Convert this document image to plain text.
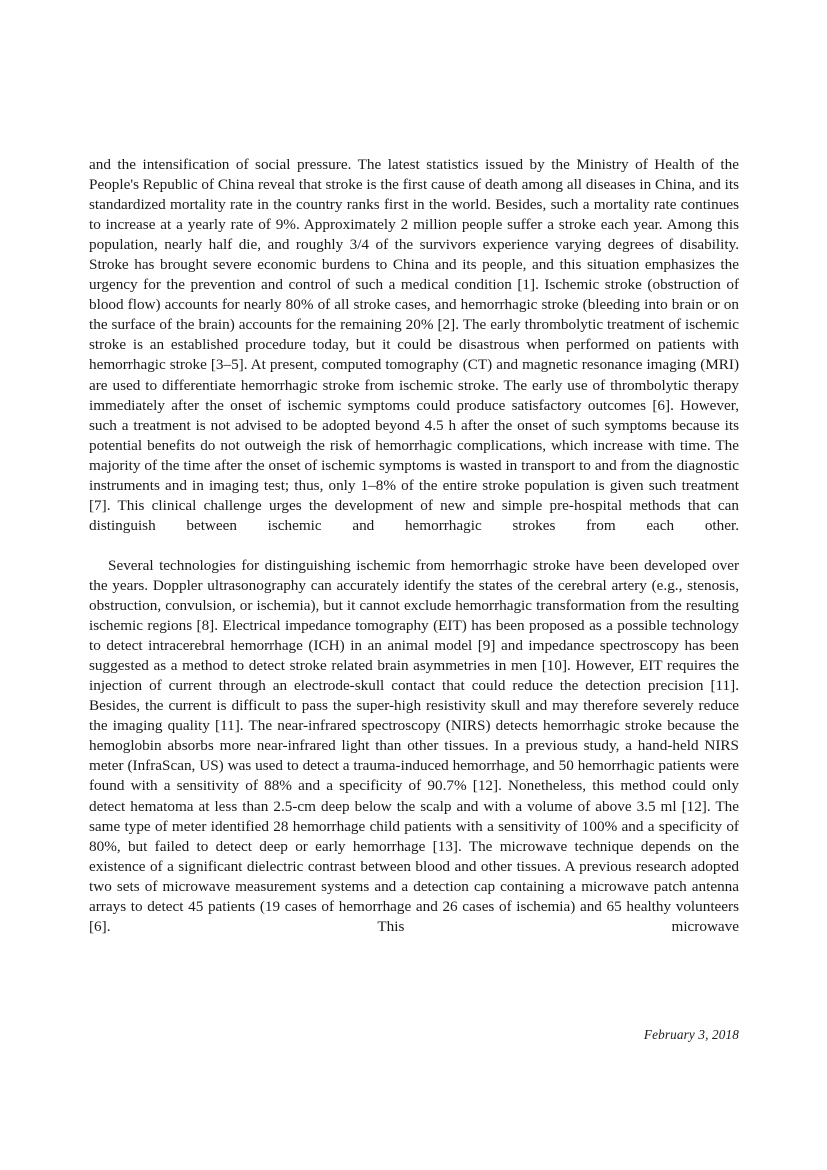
and the intensification of social pressure. The latest statistics issued by the Ministry of Health of the People's Republic of China reveal that stroke is the first cause of death among all diseases in China, and its standardized mortality rate in the country ranks first in the world. Besides, such a mortality rate continues to increase at a yearly rate of 9%. Approximately 2 million people suffer a stroke each year. Among this population, nearly half die, and roughly 3/4 of the survivors experience varying degrees of disability. Stroke has brought severe economic burdens to China and its people, and this situation emphasizes the urgency for the prevention and control of such a medical condition [1]. Ischemic stroke (obstruction of blood flow) accounts for nearly 80% of all stroke cases, and hemorrhagic stroke (bleeding into brain or on the surface of the brain) accounts for the remaining 20% [2]. The early thrombolytic treatment of ischemic stroke is an established procedure today, but it could be disastrous when performed on patients with hemorrhagic stroke [3–5]. At present, computed tomography (CT) and magnetic resonance imaging (MRI) are used to differentiate hemorrhagic stroke from ischemic stroke. The early use of thrombolytic therapy immediately after the onset of ischemic symptoms could produce satisfactory outcomes [6]. However, such a treatment is not advised to be adopted beyond 4.5 h after the onset of such symptoms because its potential benefits do not outweigh the risk of hemorrhagic complications, which increase with time. The majority of the time after the onset of ischemic symptoms is wasted in transport to and from the diagnostic instruments and in imaging test; thus, only 1–8% of the entire stroke population is given such treatment [7]. This clinical challenge urges the development of new and simple pre-hospital methods that can distinguish between ischemic and hemorrhagic strokes from each other.

Several technologies for distinguishing ischemic from hemorrhagic stroke have been developed over the years. Doppler ultrasonography can accurately identify the states of the cerebral artery (e.g., stenosis, obstruction, convulsion, or ischemia), but it cannot exclude hemorrhagic transformation from the resulting ischemic regions [8]. Electrical impedance tomography (EIT) has been proposed as a possible technology to detect intracerebral hemorrhage (ICH) in an animal model [9] and impedance spectroscopy has been suggested as a method to detect stroke related brain asymmetries in men [10]. However, EIT requires the injection of current through an electrode-skull contact that could reduce the detection precision [11]. Besides, the current is difficult to pass the super-high resistivity skull and may therefore severely reduce the imaging quality [11]. The near-infrared spectroscopy (NIRS) detects hemorrhagic stroke because the hemoglobin absorbs more near-infrared light than other tissues. In a previous study, a hand-held NIRS meter (InfraScan, US) was used to detect a trauma-induced hemorrhage, and 50 hemorrhagic patients were found with a sensitivity of 88% and a specificity of 90.7% [12]. Nonetheless, this method could only detect hematoma at less than 2.5-cm deep below the scalp and with a volume of above 3.5 ml [12]. The same type of meter identified 28 hemorrhage child patients with a sensitivity of 100% and a specificity of 80%, but failed to detect deep or early hemorrhage [13]. The microwave technique depends on the existence of a significant dielectric contrast between blood and other tissues. A previous research adopted two sets of microwave measurement systems and a detection cap containing a microwave patch antenna arrays to detect 45 patients (19 cases of hemorrhage and 26 cases of ischemia) and 65 healthy volunteers [6]. This microwave

February 3, 2018
